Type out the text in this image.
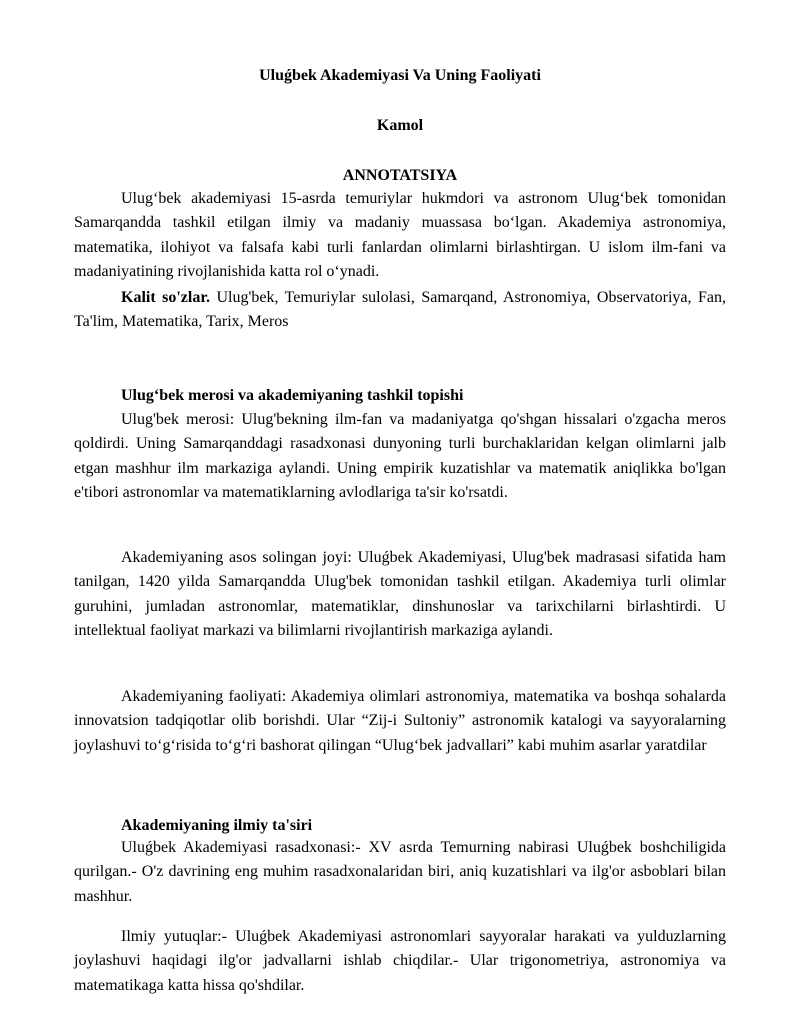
Uluǵbek Akademiyasi Va Uning Faoliyati
Kamol
ANNOTATSIYA

Ulug‘bek akademiyasi 15-asrda temuriylar hukmdori va astronom Ulug‘bek tomonidan Samarqandda tashkil etilgan ilmiy va madaniy muassasa bo‘lgan. Akademiya astronomiya, matematika, ilohiyot va falsafa kabi turli fanlardan olimlarni birlashtirgan. U islom ilm-fani va madaniyatining rivojlanishida katta rol o‘ynadi.

Kalit so'zlar. Ulug'bek, Temuriylar sulolasi, Samarqand, Astronomiya, Observatoriya, Fan, Ta'lim, Matematika, Tarix, Meros

Ulug‘bek merosi va akademiyaning tashkil topishi

Ulug'bek merosi: Ulug'bekning ilm-fan va madaniyatga qo'shgan hissalari o'zgacha meros qoldirdi. Uning Samarqanddagi rasadxonasi dunyoning turli burchaklaridan kelgan olimlarni jalb etgan mashhur ilm markaziga aylandi. Uning empirik kuzatishlar va matematik aniqlikka bo'lgan e'tibori astronomlar va matematiklarning avlodlariga ta'sir ko'rsatdi.

Akademiyaning asos solingan joyi: Uluǵbek Akademiyasi, Ulug'bek madrasasi sifatida ham tanilgan, 1420 yilda Samarqandda Ulug'bek tomonidan tashkil etilgan. Akademiya turli olimlar guruhini, jumladan astronomlar, matematiklar, dinshunoslar va tarixchilarni birlashtirdi. U intellektual faoliyat markazi va bilimlarni rivojlantirish markaziga aylandi.

Akademiyaning faoliyati: Akademiya olimlari astronomiya, matematika va boshqa sohalarda innovatsion tadqiqotlar olib borishdi. Ular “Zij-i Sultoniy” astronomik katalogi va sayyoralarning joylashuvi to‘g‘risida to‘g‘ri bashorat qilingan “Ulug‘bek jadvallari” kabi muhim asarlar yaratdilar

Akademiyaning ilmiy ta'siri

Uluǵbek Akademiyasi rasadxonasi:- XV asrda Temurning nabirasi Uluǵbek boshchiligida qurilgan.- O'z davrining eng muhim rasadxonalaridan biri, aniq kuzatishlari va ilg'or asboblari bilan mashhur.

Ilmiy yutuqlar:- Uluǵbek Akademiyasi astronomlari sayyoralar harakati va yulduzlarning joylashuvi haqidagi ilg'or jadvallarni ishlab chiqdilar.- Ular trigonometriya, astronomiya va matematikaga katta hissa qo'shdilar.
